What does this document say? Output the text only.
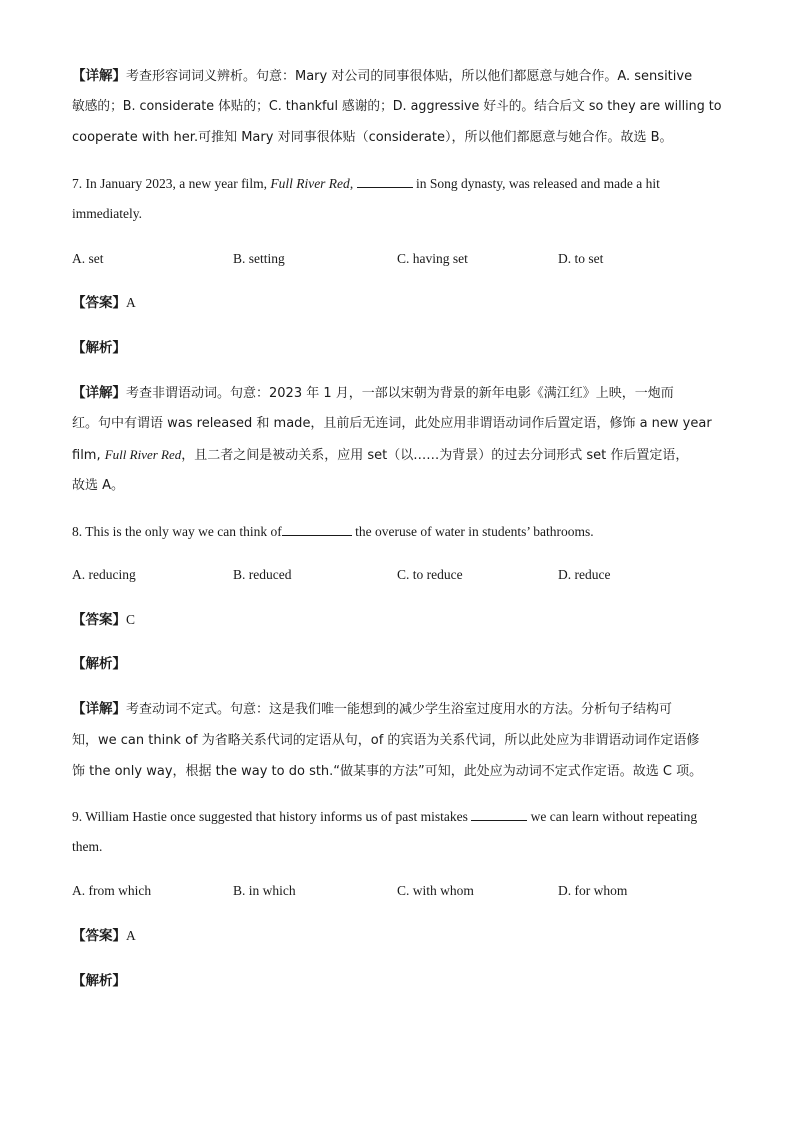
【详解】考查形容词词义辨析。句意：Mary 对公司的同事很体贴，所以他们都愿意与她合作。A. sensitive
敏感的；B. considerate 体贴的；C. thankful 感谢的；D. aggressive 好斗的。结合后文 so they are willing to
cooperate with her.可推知 Mary 对同事很体贴（considerate），所以他们都愿意与她合作。故选 B。
7. In January 2023, a new year film, Full River Red,	in Song dynasty, was released and made a hit
immediately.
A. set	B. setting	C. having set	D. to set
【答案】A
【解析】
【详解】考查非谓语动词。句意：2023 年 1 月，一部以宋朝为背景的新年电影《满江红》上映，一炮而
红。句中有谓语 was released 和 made，且前后无连词，此处应用非谓语动词作后置定语，修饰 a new year
film, Full River Red，且二者之间是被动关系，应用 set（以……为背景）的过去分词形式 set 作后置定语，
故选 A。
8. This is the only way we can think of	the overuse of water in students’ bathrooms.
A. reducing	B. reduced	C. to reduce	D. reduce
【答案】C
【解析】
【详解】考查动词不定式。句意：这是我们唯一能想到的减少学生浴室过度用水的方法。分析句子结构可
知，we can think of 为省略关系代词的定语从句，of 的宾语为关系代词，所以此处应为非谓语动词作定语修
饰 the only way，根据 the way to do sth.“做某事的方法”可知，此处应为动词不定式作定语。故选 C 项。
9. William Hastie once suggested that history informs us of past mistakes	we can learn without repeating
them.
A. from which	B. in which	C. with whom	D. for whom
【答案】A
【解析】
